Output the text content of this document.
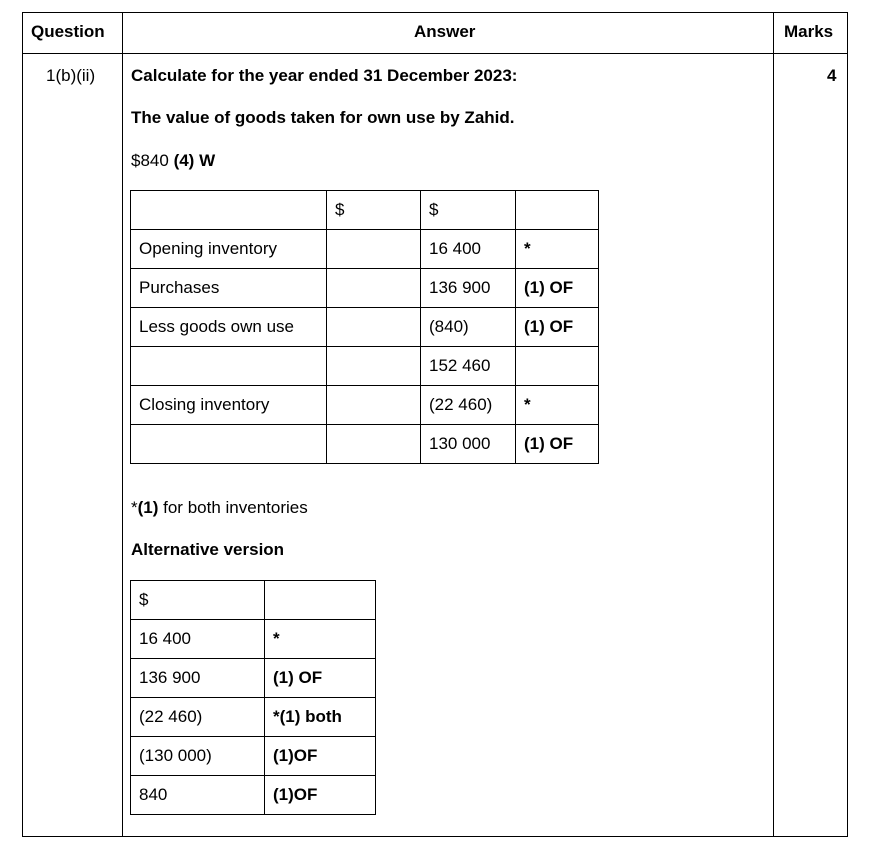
Question	Answer	Marks
1(b)(ii)	4
Calculate for the year ended 31 December 2023:
The value of goods taken for own use by Zahid.
$840 (4) W
	$	$	
Opening inventory		16 400	*
Purchases		136 900	(1) OF
Less goods own use		(840)	(1) OF
		152 460	
Closing inventory		(22 460)	*
		130 000	(1) OF
*(1) for both inventories
Alternative version
$	
16 400	*
136 900	(1) OF
(22 460)	*(1) both
(130 000)	(1)OF
840	(1)OF
